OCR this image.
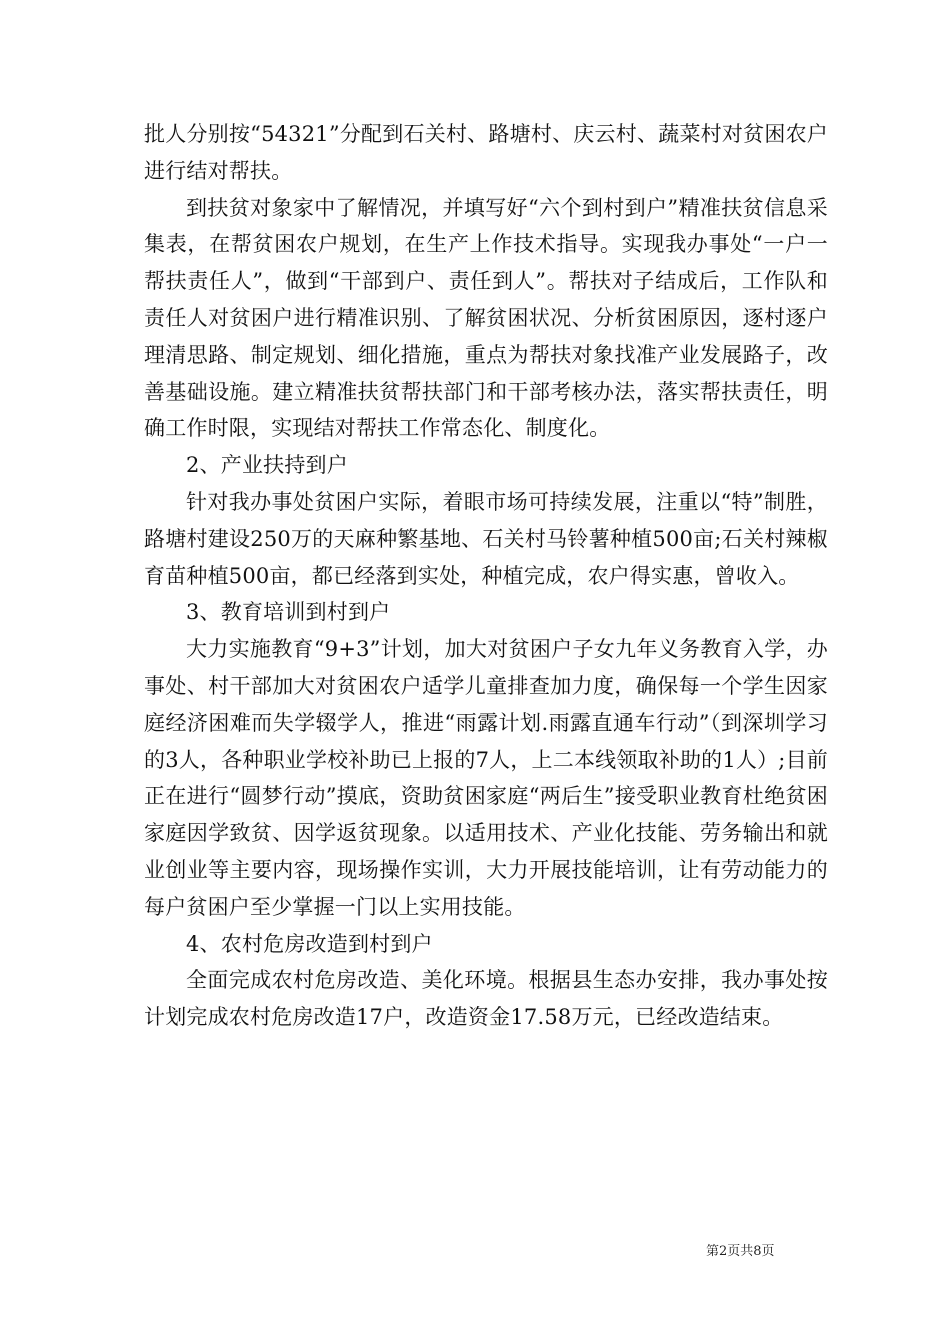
批人分别按“54321”分配到石关村、路塘村、庆云村、蔬菜村对贫困农户进行结对帮扶。

到扶贫对象家中了解情况，并填写好“六个到村到户”精准扶贫信息采集表，在帮贫困农户规划，在生产上作技术指导。实现我办事处“一户一帮扶责任人”，做到“干部到户、责任到人”。帮扶对子结成后，工作队和责任人对贫困户进行精准识别、了解贫困状况、分析贫困原因，逐村逐户理清思路、制定规划、细化措施，重点为帮扶对象找准产业发展路子，改善基础设施。建立精准扶贫帮扶部门和干部考核办法，落实帮扶责任，明确工作时限，实现结对帮扶工作常态化、制度化。

2、产业扶持到户

针对我办事处贫困户实际，着眼市场可持续发展，注重以“特”制胜，路塘村建设250万的天麻种繁基地、石关村马铃薯种植500亩;石关村辣椒育苗种植500亩，都已经落到实处，种植完成，农户得实惠，曾收入。

3、教育培训到村到户

大力实施教育“9+3”计划，加大对贫困户子女九年义务教育入学，办事处、村干部加大对贫困农户适学儿童排查加力度，确保每一个学生因家庭经济困难而失学辍学人，推进“雨露计划.雨露直通车行动”（到深圳学习的3人，各种职业学校补助已上报的7人，上二本线领取补助的1人）;目前正在进行“圆梦行动”摸底，资助贫困家庭“两后生”接受职业教育杜绝贫困家庭因学致贫、因学返贫现象。以适用技术、产业化技能、劳务输出和就业创业等主要内容，现场操作实训，大力开展技能培训，让有劳动能力的每户贫困户至少掌握一门以上实用技能。

4、农村危房改造到村到户

全面完成农村危房改造、美化环境。根据县生态办安排，我办事处按计划完成农村危房改造17户，改造资金17.58万元，已经改造结束。

第2页共8页
